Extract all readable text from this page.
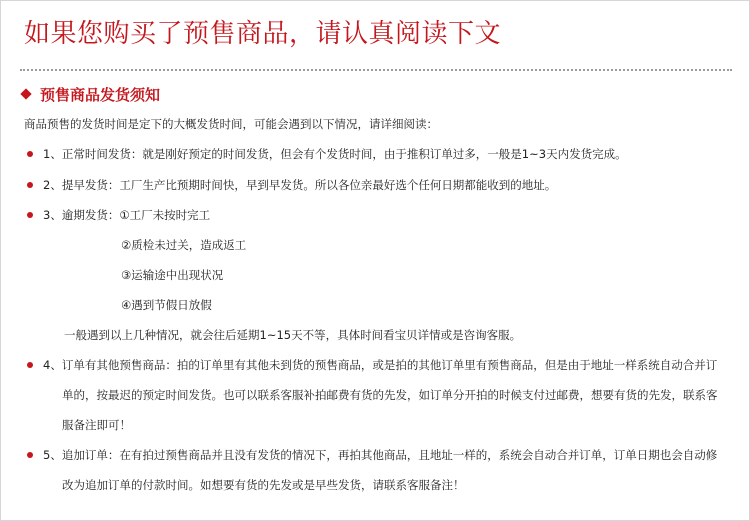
如果您购买了预售商品，请认真阅读下文
预售商品发货须知
商品预售的发货时间是定下的大概发货时间，可能会遇到以下情况，请详细阅读：
1、正常时间发货：就是刚好预定的时间发货，但会有个发货时间，由于推积订单过多，一般是1~3天内发货完成。
2、提早发货：工厂生产比预期时间快，早到早发货。所以各位亲最好选个任何日期都能收到的地址。
3、逾期发货：①工厂未按时完工
②质检未过关，造成返工
③运输途中出现状况
④遇到节假日放假
一般遇到以上几种情况，就会往后延期1~15天不等，具体时间看宝贝详情或是咨询客服。
4、订单有其他预售商品：拍的订单里有其他未到货的预售商品，或是拍的其他订单里有预售商品，但是由于地址一样系统自动合并订
单的，按最迟的预定时间发货。也可以联系客服补拍邮费有货的先发，如订单分开拍的时候支付过邮费，想要有货的先发，联系客
服备注即可！
5、追加订单：在有拍过预售商品并且没有发货的情况下，再拍其他商品，且地址一样的，系统会自动合并订单，订单日期也会自动修
改为追加订单的付款时间。如想要有货的先发或是早些发货，请联系客服备注！
